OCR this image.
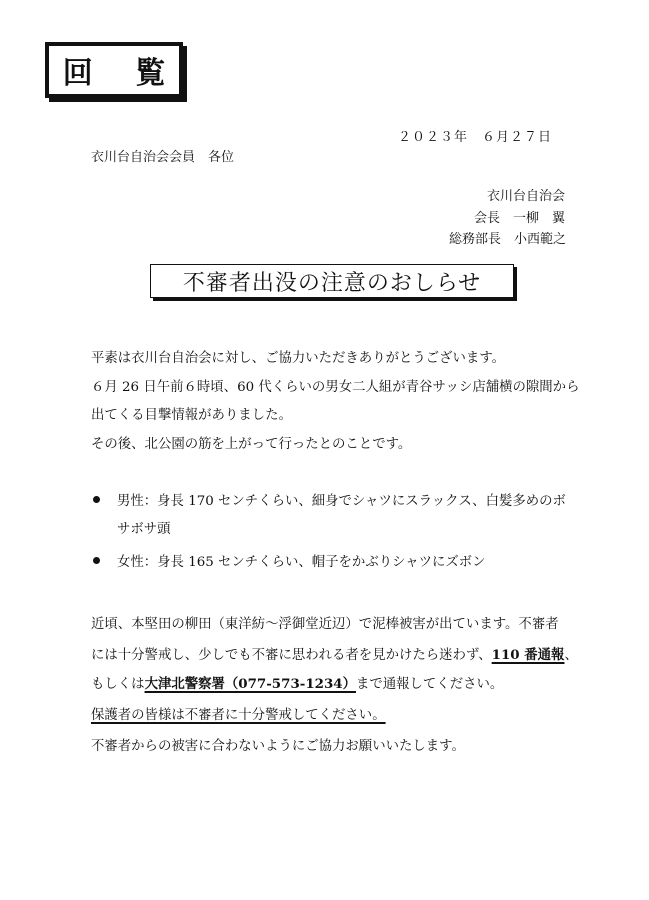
回 覧
２０２３年　６月２７日
衣川台自治会会員　各位
衣川台自治会
会長　一柳　翼
総務部長　小西範之
不審者出没の注意のおしらせ
平素は衣川台自治会に対し、ご協力いただきありがとうございます。
６月 26 日午前６時頃、60 代くらいの男女二人組が青谷サッシ店舗横の隙間から
出てくる目撃情報がありました。
その後、北公園の筋を上がって行ったとのことです。
男性：身長 170 センチくらい、細身でシャツにスラックス、白髪多めのボ
サボサ頭
女性：身長 165 センチくらい、帽子をかぶりシャツにズボン
近頃、本堅田の柳田（東洋紡～浮御堂近辺）で泥棒被害が出ています。不審者
には十分警戒し、少しでも不審に思われる者を見かけたら迷わず、110 番通報、
もしくは大津北警察署（077-573-1234）まで通報してください。
保護者の皆様は不審者に十分警戒してください。
不審者からの被害に合わないようにご協力お願いいたします。
